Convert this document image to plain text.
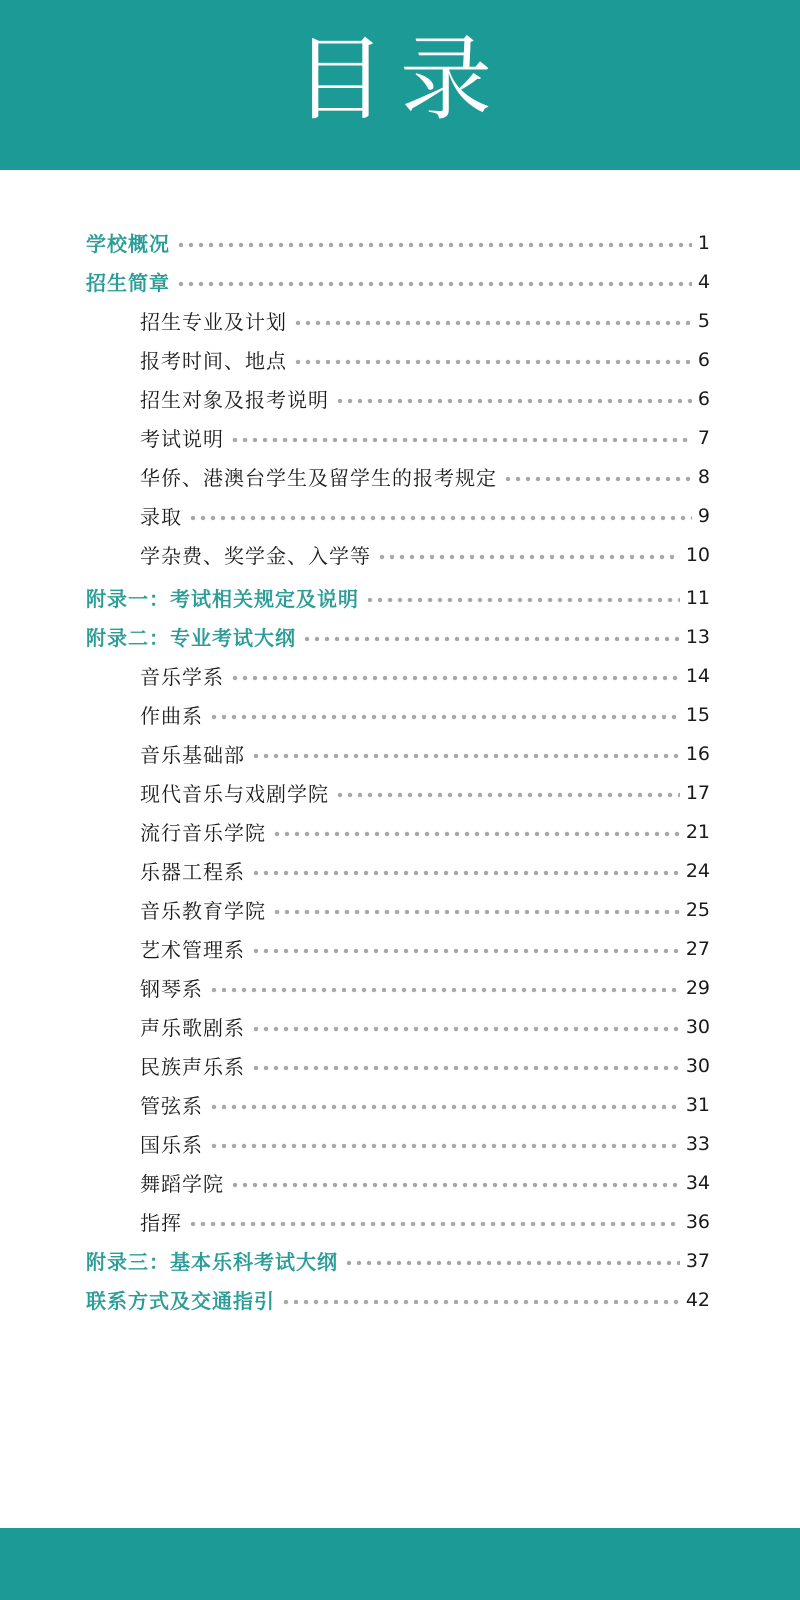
目录
学校概况	1
招生简章	4
招生专业及计划	5
报考时间、地点	6
招生对象及报考说明	6
考试说明	7
华侨、港澳台学生及留学生的报考规定	8
录取	9
学杂费、奖学金、入学等	10
附录一：考试相关规定及说明	11
附录二：专业考试大纲	13
音乐学系	14
作曲系	15
音乐基础部	16
现代音乐与戏剧学院	17
流行音乐学院	21
乐器工程系	24
音乐教育学院	25
艺术管理系	27
钢琴系	29
声乐歌剧系	30
民族声乐系	30
管弦系	31
国乐系	33
舞蹈学院	34
指挥	36
附录三：基本乐科考试大纲	37
联系方式及交通指引	42
